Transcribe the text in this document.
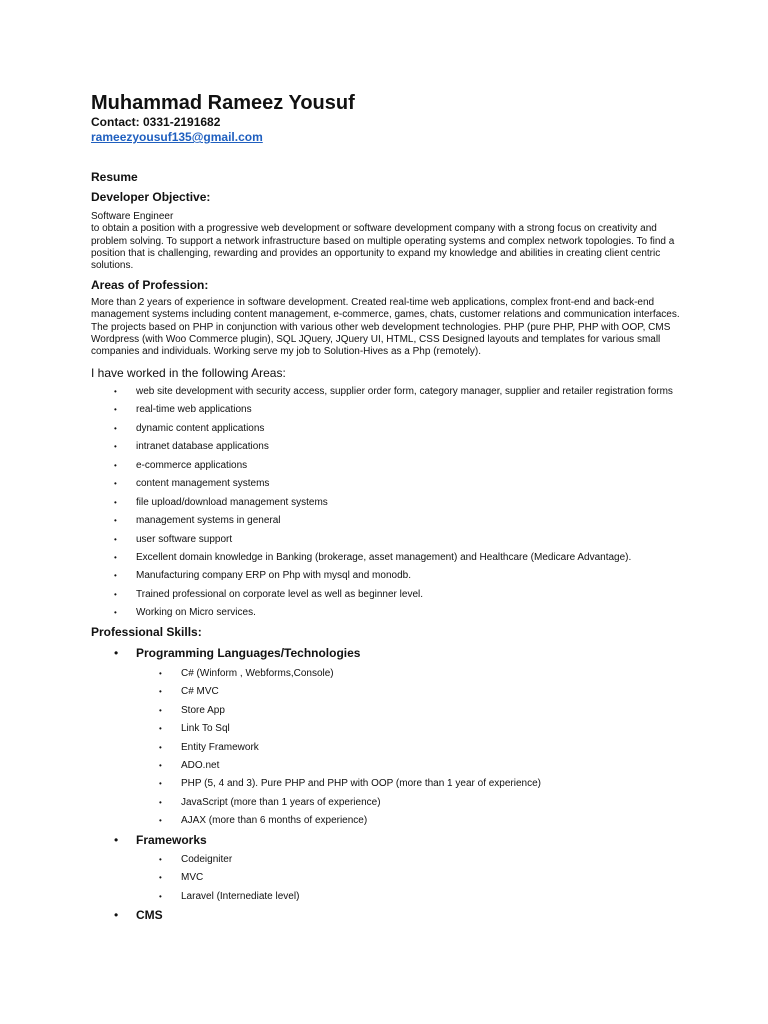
Muhammad Rameez Yousuf
Contact: 0331-2191682
rameezyousuf135@gmail.com
Resume
Developer Objective:

Software Engineer

to obtain a position with a progressive web development or software development company with a strong focus on creativity and problem solving. To support a network infrastructure based on multiple operating systems and complex network topologies. To find a position that is challenging, rewarding and provides an opportunity to expand my knowledge and abilities in creating client centric solutions.

Areas of Profession:
More than 2 years of experience in software development. Created real-time web applications, complex front-end and back-end management systems including content management, e-commerce, games, chats, customer relations and communication interfaces. The projects based on PHP in conjunction with various other web development technologies. PHP (pure PHP, PHP with OOP, CMS Wordpress (with Woo Commerce plugin), SQL JQuery, JQuery UI, HTML, CSS Designed layouts and templates for various small companies and individuals. Working serve my job to Solution-Hives as a Php (remotely).
I have worked in the following Areas:
• web site development with security access, supplier order form, category manager, supplier and retailer registration forms
• real-time web applications
• dynamic content applications
• intranet database applications
• e-commerce applications
• content management systems
• file upload/download management systems
• management systems in general
• user software support
• Excellent domain knowledge in Banking (brokerage, asset management) and Healthcare (Medicare Advantage).
• Manufacturing company ERP on Php with mysql and monodb.
• Trained professional on corporate level as well as beginner level.
• Working on Micro services.
Professional Skills:
• Programming Languages/Technologies
• C# (Winform , Webforms,Console)
• C# MVC
• Store App
• Link To Sql
• Entity Framework
• ADO.net
• PHP (5, 4 and 3). Pure PHP and PHP with OOP (more than 1 year of experience)
• JavaScript (more than 1 years of experience)
• AJAX (more than 6 months of experience)
• Frameworks
• Codeigniter
• MVC
• Laravel (Internediate level)
• CMS
